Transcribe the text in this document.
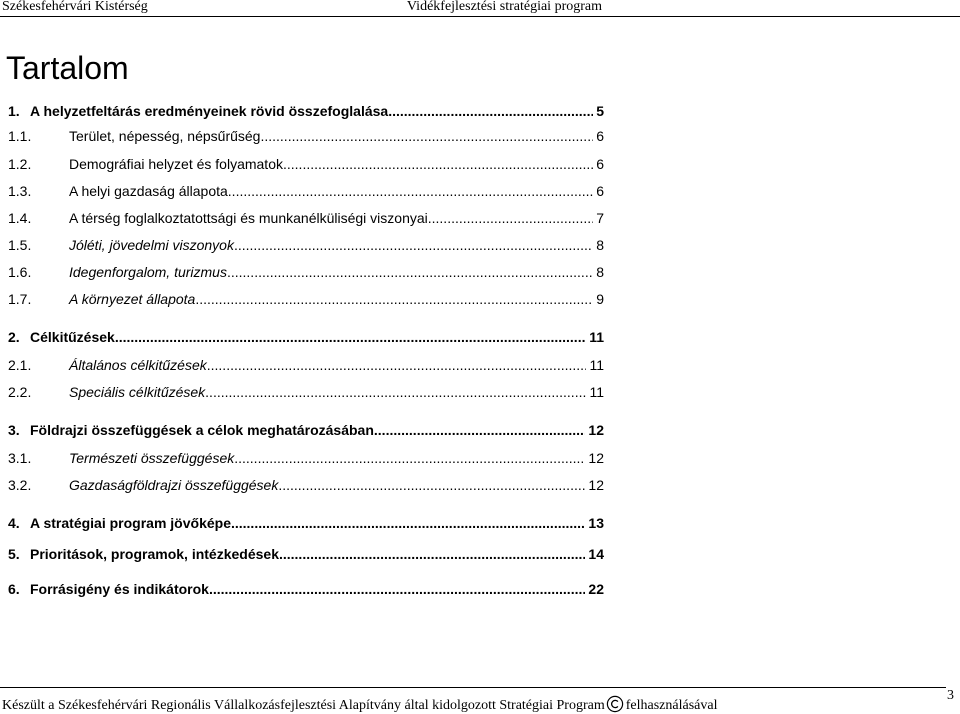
Székesfehérvári Kistérség	Vidékfejlesztési stratégiai program
Tartalom
1. A helyzetfeltárás eredményeinek rövid összefoglalása .....	5
1.1.	Terület, népesség, népsűrűség .....	6
1.2.	Demográfiai helyzet és folyamatok .....	6
1.3.	A helyi gazdaság állapota .....	6
1.4.	A térség foglalkoztatottsági és munkanélküliségi viszonyai .....	7
1.5.	Jóléti, jövedelmi viszonyok .....	8
1.6.	Idegenforgalom, turizmus .....	8
1.7.	A környezet állapota .....	9
2. Célkitűzések .....	11
2.1.	Általános célkitűzések .....	11
2.2.	Speciális célkitűzések .....	11
3. Földrajzi összefüggések a célok meghatározásában .....	12
3.1.	Természeti összefüggések .....	12
3.2.	Gazdaságföldrajzi összefüggések .....	12
4. A stratégiai program jövőképe .....	13
5. Prioritások, programok, intézkedések .....	14
6. Forrásigény és indikátorok .....	22
Készült a Székesfehérvári Regionális Vállalkozásfejlesztési Alapítvány által kidolgozott Stratégiai Program felhasználásával
3
